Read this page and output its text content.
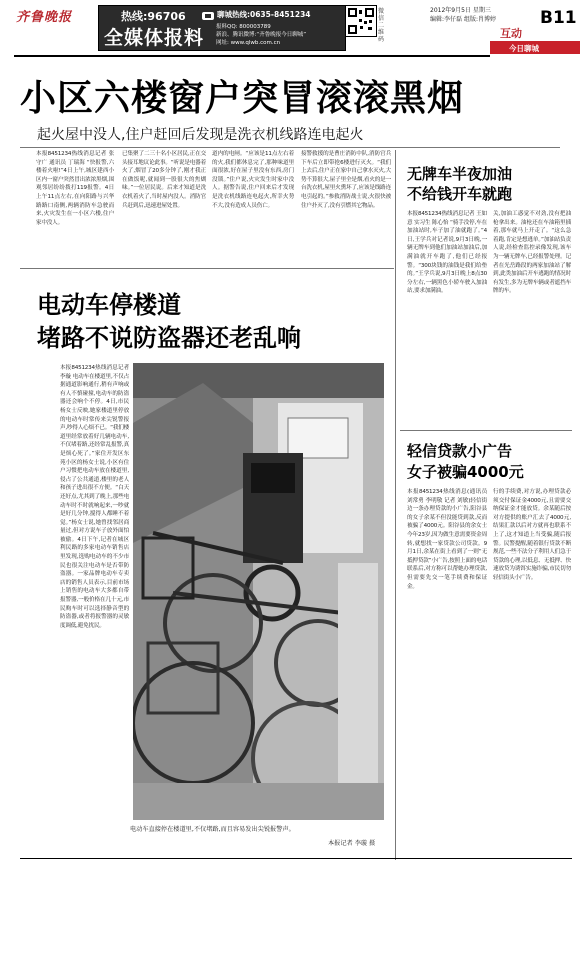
齐鲁晚报	热线:96706
全媒体报料
聊城热线:0635-8451234
报料QQ: 800003789
新浪、腾讯微博:“齐鲁晚报今日聊城”
网址: www.qlwb.com.cn
微信二维码
2012年9月5日 星期三
编辑:李仔磊 组版:肖博婷	B11
互动
今日聊城
小区六楼窗户突冒滚滚黑烟
起火屋中没人,住户赶回后发现是洗衣机线路连电起火
本报8451234热线消息记者 张守广 通讯员 丁瑞海 “快报警,六楼着火啦!”4日上午,城区建西小区内一窗户突然冒出浓浓黑烟,围观邻居纷纷拨打119报警。4日上午11点左右,在向阳路与兴华路路口南侧,两辆消防车急驶而来,火灾发生在一小区六楼,住户家中没人。
已集聚了二三十名小区居民,正在交头接耳地议论此事。“听说是电器着火了,烟冒了20多分钟了,刚才我正在做饭呢,就闻到一股很大的焦煳味。”一位居民说。后来才知道是洗衣机着火了,当时屋内没人。消防官兵赶到后,迅速进屋处置。
道内的电闸。“应该是11点左右着的火,我们都休息完了,那种味道里面很浓,好在屋子里没有东西,房门没锁。”住户说,火灾发生时家中没人。据警告说,住户回来后才发现是洗衣机线路连电起火,所幸火势不大,没有造成人员伤亡。
接警救援的是曹庄消防中队,消防官兵下车后立即带抢6楼进行灭火。“我们上去后,住户正在家中自己拿水灭火,大势不算很大,屋子里全是烟,看火的是一台洗衣机,屋里火熏坏了,应该是线路连电引起的。”参救消防战士说,火很快被住户扑灭了,没有引燃其它物品。
电动车停楼道
堵路不说防盗器还老乱响
本报8451234热线消息记者 李璇 电动车在楼道里,不仅占据通道影响通行,稍有声响或有人不慎碰撞,电动车的防盗器还会响个不停。4日,市民杨女士反映,她家楼道里停放的电动车时常传来尖锐警报声,吵得人心烦不已。“我们楼道里经常放着好几辆电动车,不仅堵着路,还经常乱报警,真是烦心死了。”家住开发区东苑小区的杨女士说,小区有住户习惯把电动车放在楼道里,侵占了公共通道,楼里的老人和孩子进出很不方便。“白天还好点,尤其到了晚上,那些电动车时不时就响起来,一吵就是好几分钟,搅得人都睡不着觉。”杨女士说,她曾找邻居商量过,但对方说车子放外面怕被偷。4日下午,记者在城区利民路的多家电动车销售店里发现,选购电动车的不少市民也很关注电动车是否带防盗器。一家品牌电动车专卖店的销售人员表示,目前市场上销售的电动车大多都自带报警器,一般价格在几十元,市民购车时可以选择静音型的防盗器,或者将报警器的灵敏度调低,避免扰民。
电动车直接停在楼道里,不仅堵路,而且容易发出尖锐报警声。
本报记者 李璇 摄
无牌车半夜加油
不给钱开车就跑
本报8451234热线消息记者 王如意 实习生 陈心怡 “骑手没停,车在加油站时,车子加了油就跑了。”4日,王学兵对记者说,9月3日晚,一辆无牌车到他们加油站加油后,加满油就开车跑了,他们已经报警。“300块钱的油钱是我们给垫的。”王学兵说,9月3日晚上8点30分左右,一辆黑色小轿车驶入加油站,要求加满油。
关,加油工惑觉不对劲,没有把油枪拿出来。油枪还在车油箱里插着,那车就马上开走了。“这么急着跑,肯定是想逃单。”加油站负责人说,经检查监控录像发现,该车为一辆无牌车,已经报警处理。记者在光岳路段的两家加油站了解到,此类加油后开车逃跑的情况时有发生,多为无牌车辆或者遮挡车牌的车。
轻信贷款小广告
女子被骗4000元
本报8451234热线消息(通讯员 刘常勇 李明敬 记者 刘敏)轻信街边一条办理贷款的小广告,阳谷县的女子余某不但没能贷到款,反而被骗了4000元。阳谷县的余女士今年23岁,因为做生意需要资金周转,就想找一家贷款公司贷款。9月1日,余某在街上看到了一则“无抵押贷款”小广告,按照上面的电话联系后,对方称可以帮她办理贷款,但需要先交一笔手续费和保证金。
行的手续费,对方说,办理贷款必须交付保证金4000元,且需要交纳保证金才能放贷。余某随后按对方提供的账户汇去了4000元,结果汇款以后对方就再也联系不上了,这才知道上当受骗,随后报警。民警提醒,随着银行贷款不断规范,一些不法分子利用人们急于贷款的心理,以低息、无抵押、快速放贷为诱饵实施诈骗,市民切勿轻信街头小广告。
